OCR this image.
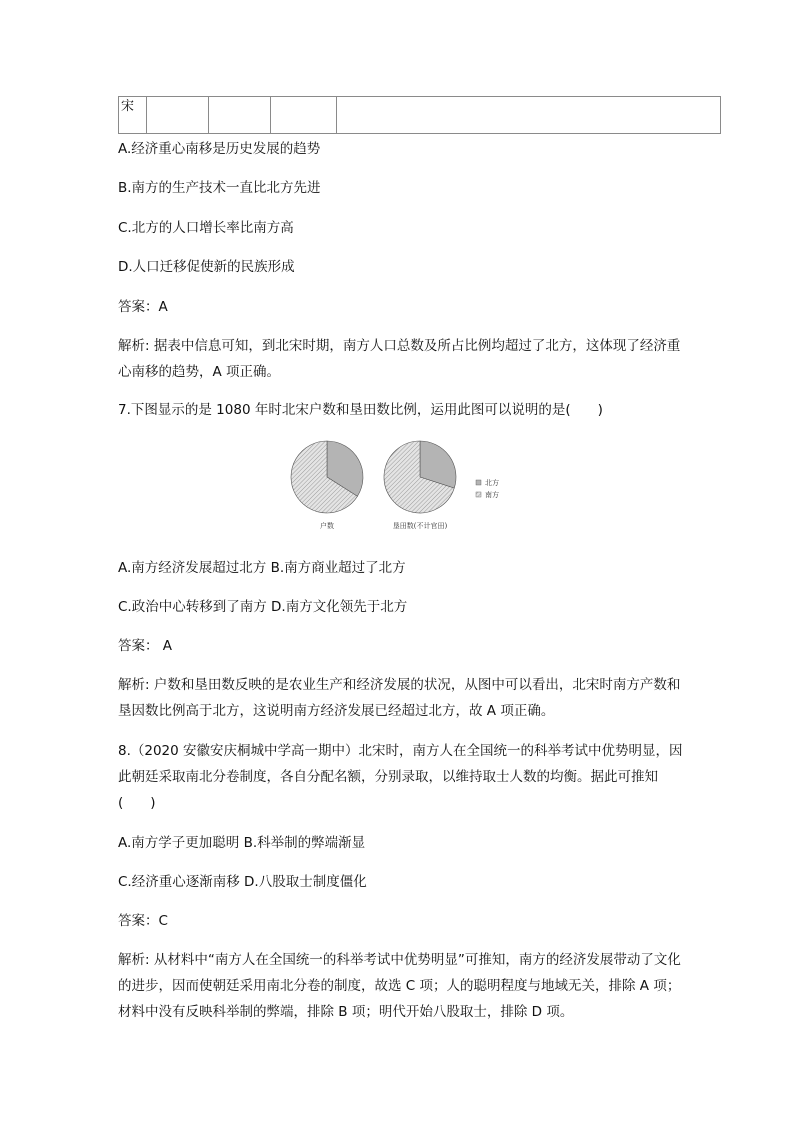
宋				
A.经济重心南移是历史发展的趋势
B.南方的生产技术一直比北方先进
C.北方的人口增长率比南方高
D.人口迁移促使新的民族形成
答案：A
解析: 据表中信息可知，到北宋时期，南方人口总数及所占比例均超过了北方，这体现了经济重心南移的趋势，A 项正确。
7.下图显示的是 1080 年时北宋户数和垦田数比例，运用此图可以说明的是(　　)
北方
南方
户数	垦田数(不计官田)
A.南方经济发展超过北方 B.南方商业超过了北方
C.政治中心转移到了南方 D.南方文化领先于北方
答案： A
解析: 户数和垦田数反映的是农业生产和经济发展的状况，从图中可以看出，北宋时南方产数和垦因数比例高于北方，这说明南方经济发展已经超过北方，故 A 项正确。
8.（2020 安徽安庆桐城中学高一期中）北宋时，南方人在全国统一的科举考试中优势明显，因此朝廷采取南北分卷制度，各自分配名额，分别录取，以维持取士人数的均衡。据此可推知(　　)
A.南方学子更加聪明 B.科举制的弊端渐显
C.经济重心逐渐南移 D.八股取士制度僵化
答案：C
解析: 从材料中“南方人在全国统一的科举考试中优势明显”可推知，南方的经济发展带动了文化的进步，因而使朝廷采用南北分卷的制度，故选 C 项；人的聪明程度与地域无关，排除 A 项；材料中没有反映科举制的弊端，排除 B 项；明代开始八股取士，排除 D 项。
